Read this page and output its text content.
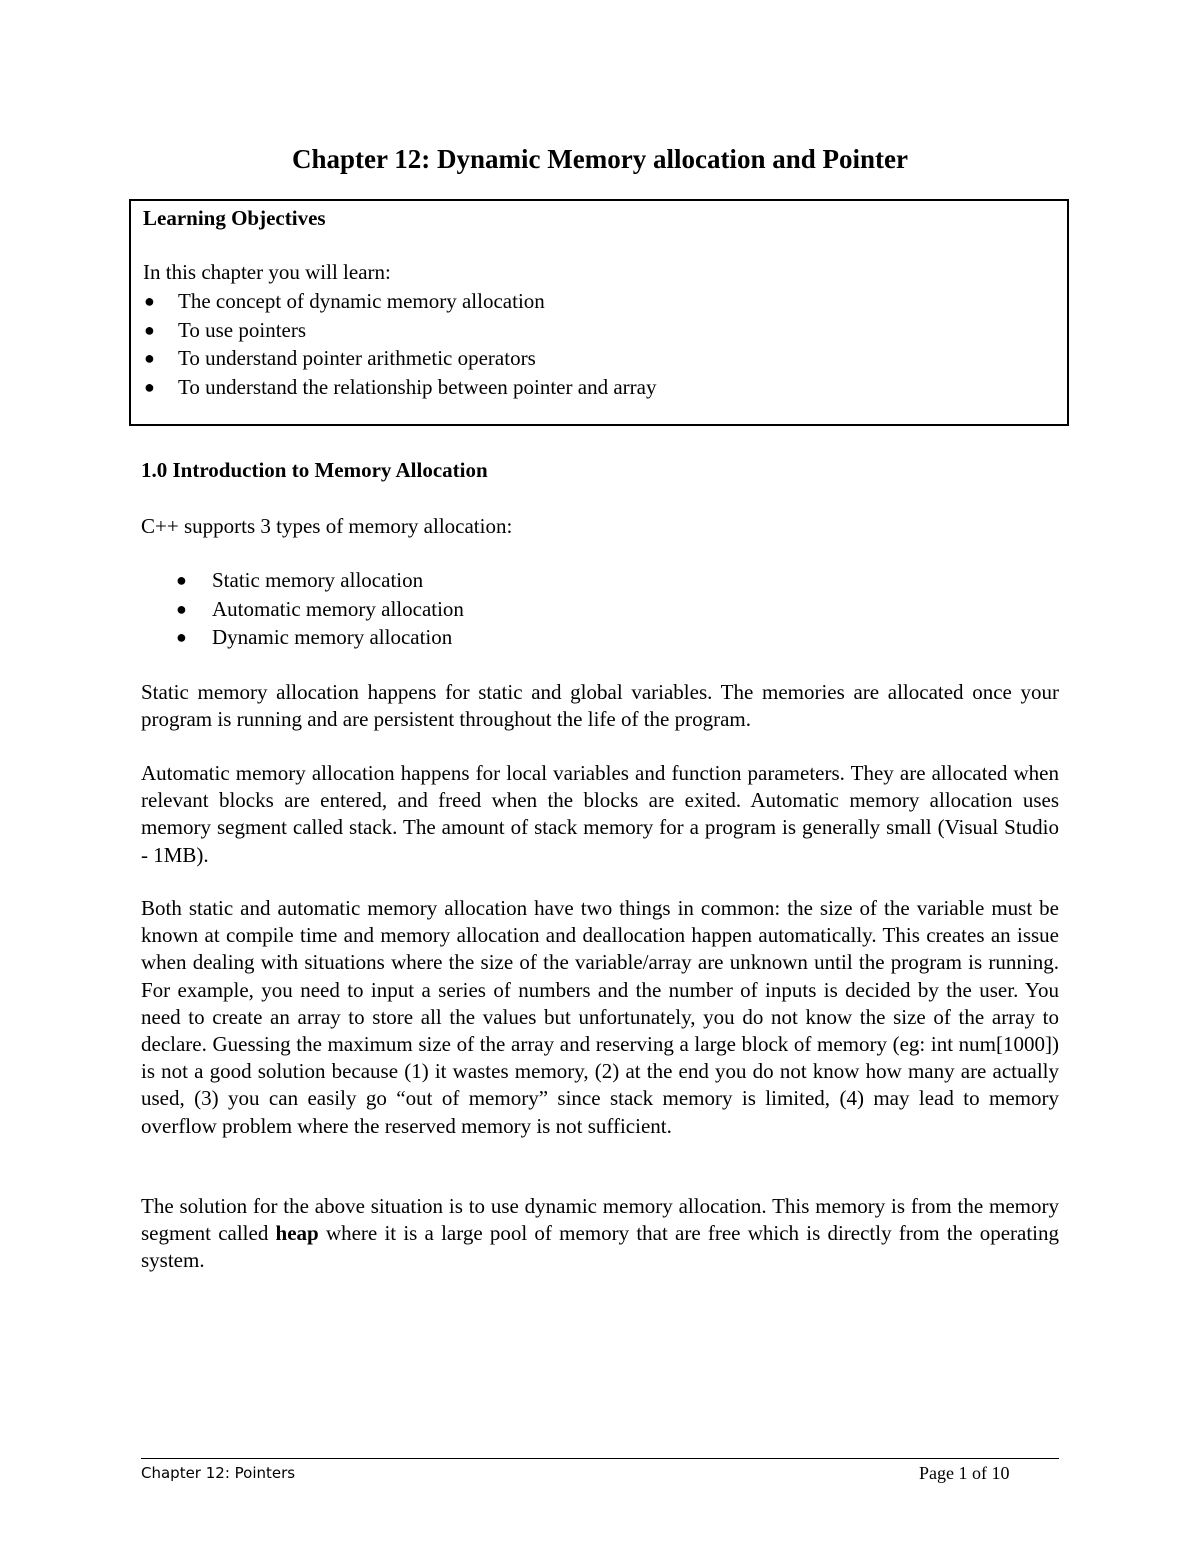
Chapter 12: Dynamic Memory allocation and Pointer
Learning Objectives
In this chapter you will learn:
● The concept of dynamic memory allocation
● To use pointers
● To understand pointer arithmetic operators
● To understand the relationship between pointer and array
1.0 Introduction to Memory Allocation
C++ supports 3 types of memory allocation:
● Static memory allocation
● Automatic memory allocation
● Dynamic memory allocation

Static memory allocation happens for static and global variables. The memories are allocated once your program is running and are persistent throughout the life of the program.

Automatic memory allocation happens for local variables and function parameters. They are allocated when relevant blocks are entered, and freed when the blocks are exited. Automatic memory allocation uses memory segment called stack. The amount of stack memory for a program is generally small (Visual Studio - 1MB).

Both static and automatic memory allocation have two things in common: the size of the variable must be known at compile time and memory allocation and deallocation happen automatically. This creates an issue when dealing with situations where the size of the variable/array are unknown until the program is running. For example, you need to input a series of numbers and the number of inputs is decided by the user. You need to create an array to store all the values but unfortunately, you do not know the size of the array to declare. Guessing the maximum size of the array and reserving a large block of memory (eg: int num[1000]) is not a good solution because (1) it wastes memory, (2) at the end you do not know how many are actually used, (3) you can easily go “out of memory” since stack memory is limited, (4) may lead to memory overflow problem where the reserved memory is not sufficient.

The solution for the above situation is to use dynamic memory allocation. This memory is from the memory segment called heap where it is a large pool of memory that are free which is directly from the operating system.

Chapter 12: Pointers	Page 1 of 10
